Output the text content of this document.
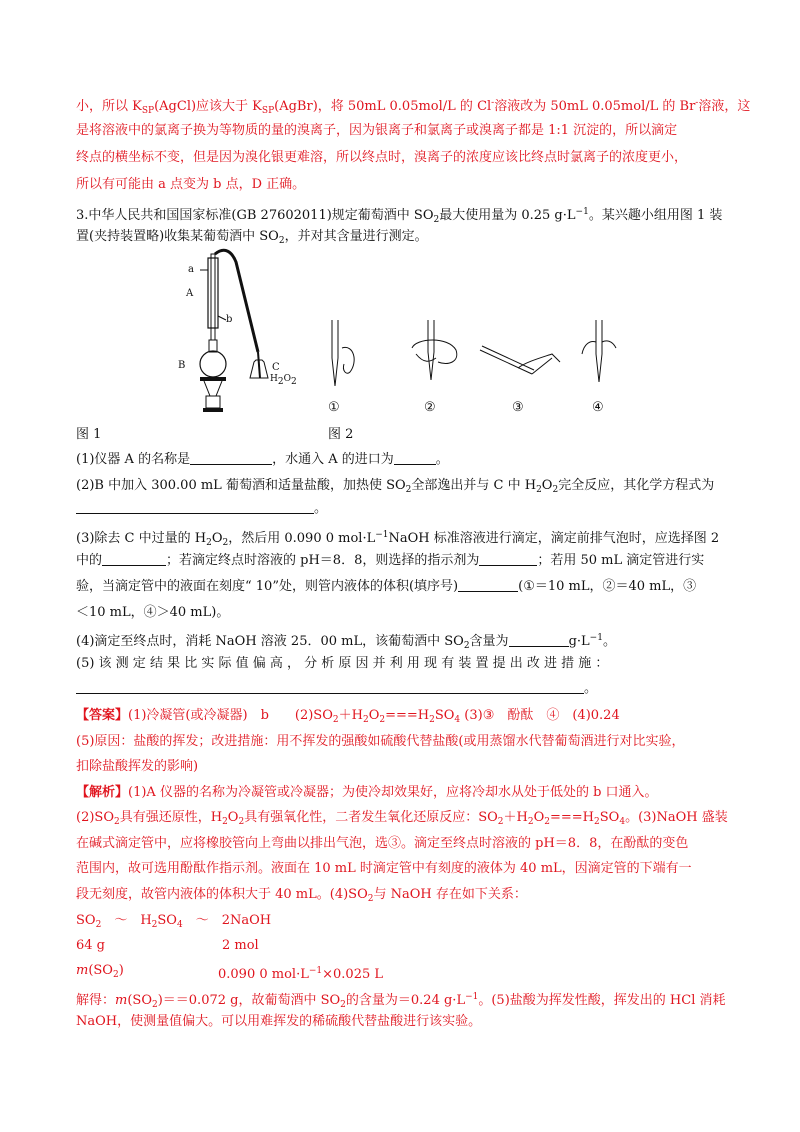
小，所以 $K_{SP}(AgCl)$应该大于 $K_{SP}(AgBr)$，将 50mL 0.05mol/L 的 Cl-溶液改为 50mL 0.05mol/L 的 Br-溶液，这
是将溶液中的氯离子换为等物质的量的溴离子，因为银离子和氯离子或溴离子都是 1:1 沉淀的，所以滴定
终点的横坐标不变，但是因为溴化银更难溶，所以终点时，溴离子的浓度应该比终点时氯离子的浓度更小，
所以有可能由 a 点变为 b 点，D 正确。
3.中华人民共和国国家标准(GB 27602011)规定葡萄酒中 $SO_2$最大使用量为 0.25 $g\cdot L^{-1}$。某兴趣小组用图 1 装
置(夹持装置略)收集某葡萄酒中 $SO_2$，并对其含量进行测定。
a
A
b
B	C
$H_2O_2$
①	②	③	④
图 1	图 2
(1)仪器 A 的名称是	，水通入 A 的进口为	。
(2)B 中加入 300.00 mL 葡萄酒和适量盐酸，加热使 $SO_2$全部逸出并与 C 中 $H_2O_2$完全反应，其化学方程式为
。
(3)除去 C 中过量的 $H_2O_2$，然后用 0.090 0 $mol\cdot L^{-1}NaOH$ 标准溶液进行滴定，滴定前排气泡时，应选择图 2
中的	；若滴定终点时溶液的 pH＝8．8，则选择的指示剂为	；若用 50 mL 滴定管进行实
验，当滴定管中的液面在刻度“ 10”处，则管内液体的体积(填序号)	(①＝10 mL，②＝40 mL，③
＜10 mL，④＞40 mL)。
(4)滴定至终点时，消耗 NaOH 溶液 25．00 mL，该葡萄酒中 $SO_2$含量为	$g\cdot L^{-1}$。
(5) 该 测 定 结 果 比 实 际 值 偏 高 ， 分 析 原 因 并 利 用 现 有 装 置 提 出 改 进 措 施 ：
。
【答案】(1)冷凝管(或冷凝器)　b　　$(2)SO_2+H_2O_2===H_2SO_4$ (3)③　酚酞　④　(4)0.24
(5)原因：盐酸的挥发；改进措施：用不挥发的强酸如硫酸代替盐酸(或用蒸馏水代替葡萄酒进行对比实验，
扣除盐酸挥发的影响)
【解析】(1)A 仪器的名称为冷凝管或冷凝器；为使冷却效果好，应将冷却水从处于低处的 b 口通入。
$(2)SO_2$具有强还原性，$H_2O_2$具有强氧化性，二者发生氧化还原反应：$SO_2+H_2O_2===H_2SO_4$。(3)NaOH 盛装
在碱式滴定管中，应将橡胶管向上弯曲以排出气泡，选③。滴定至终点时溶液的 pH＝8．8，在酚酞的变色
范围内，故可选用酚酞作指示剂。液面在 10 mL 时滴定管中有刻度的液体为 40 mL，因滴定管的下端有一
段无刻度，故管内液体的体积大于 40 mL。$(4)SO_2$与 NaOH 存在如下关系：
$SO_2$　～　$H_2SO_4$　～　2NaOH
64 g	2 mol
$m(SO_2)$	0.090 0 $mol\cdot L^{-1}\times 0.025$ L
解得：$m(SO_2)==0.072$ g，故葡萄酒中 $SO_2$的含量为＝0.24 $g\cdot L^{-1}$。(5)盐酸为挥发性酸，挥发出的 HCl 消耗
NaOH，使测量值偏大。可以用难挥发的稀硫酸代替盐酸进行该实验。
